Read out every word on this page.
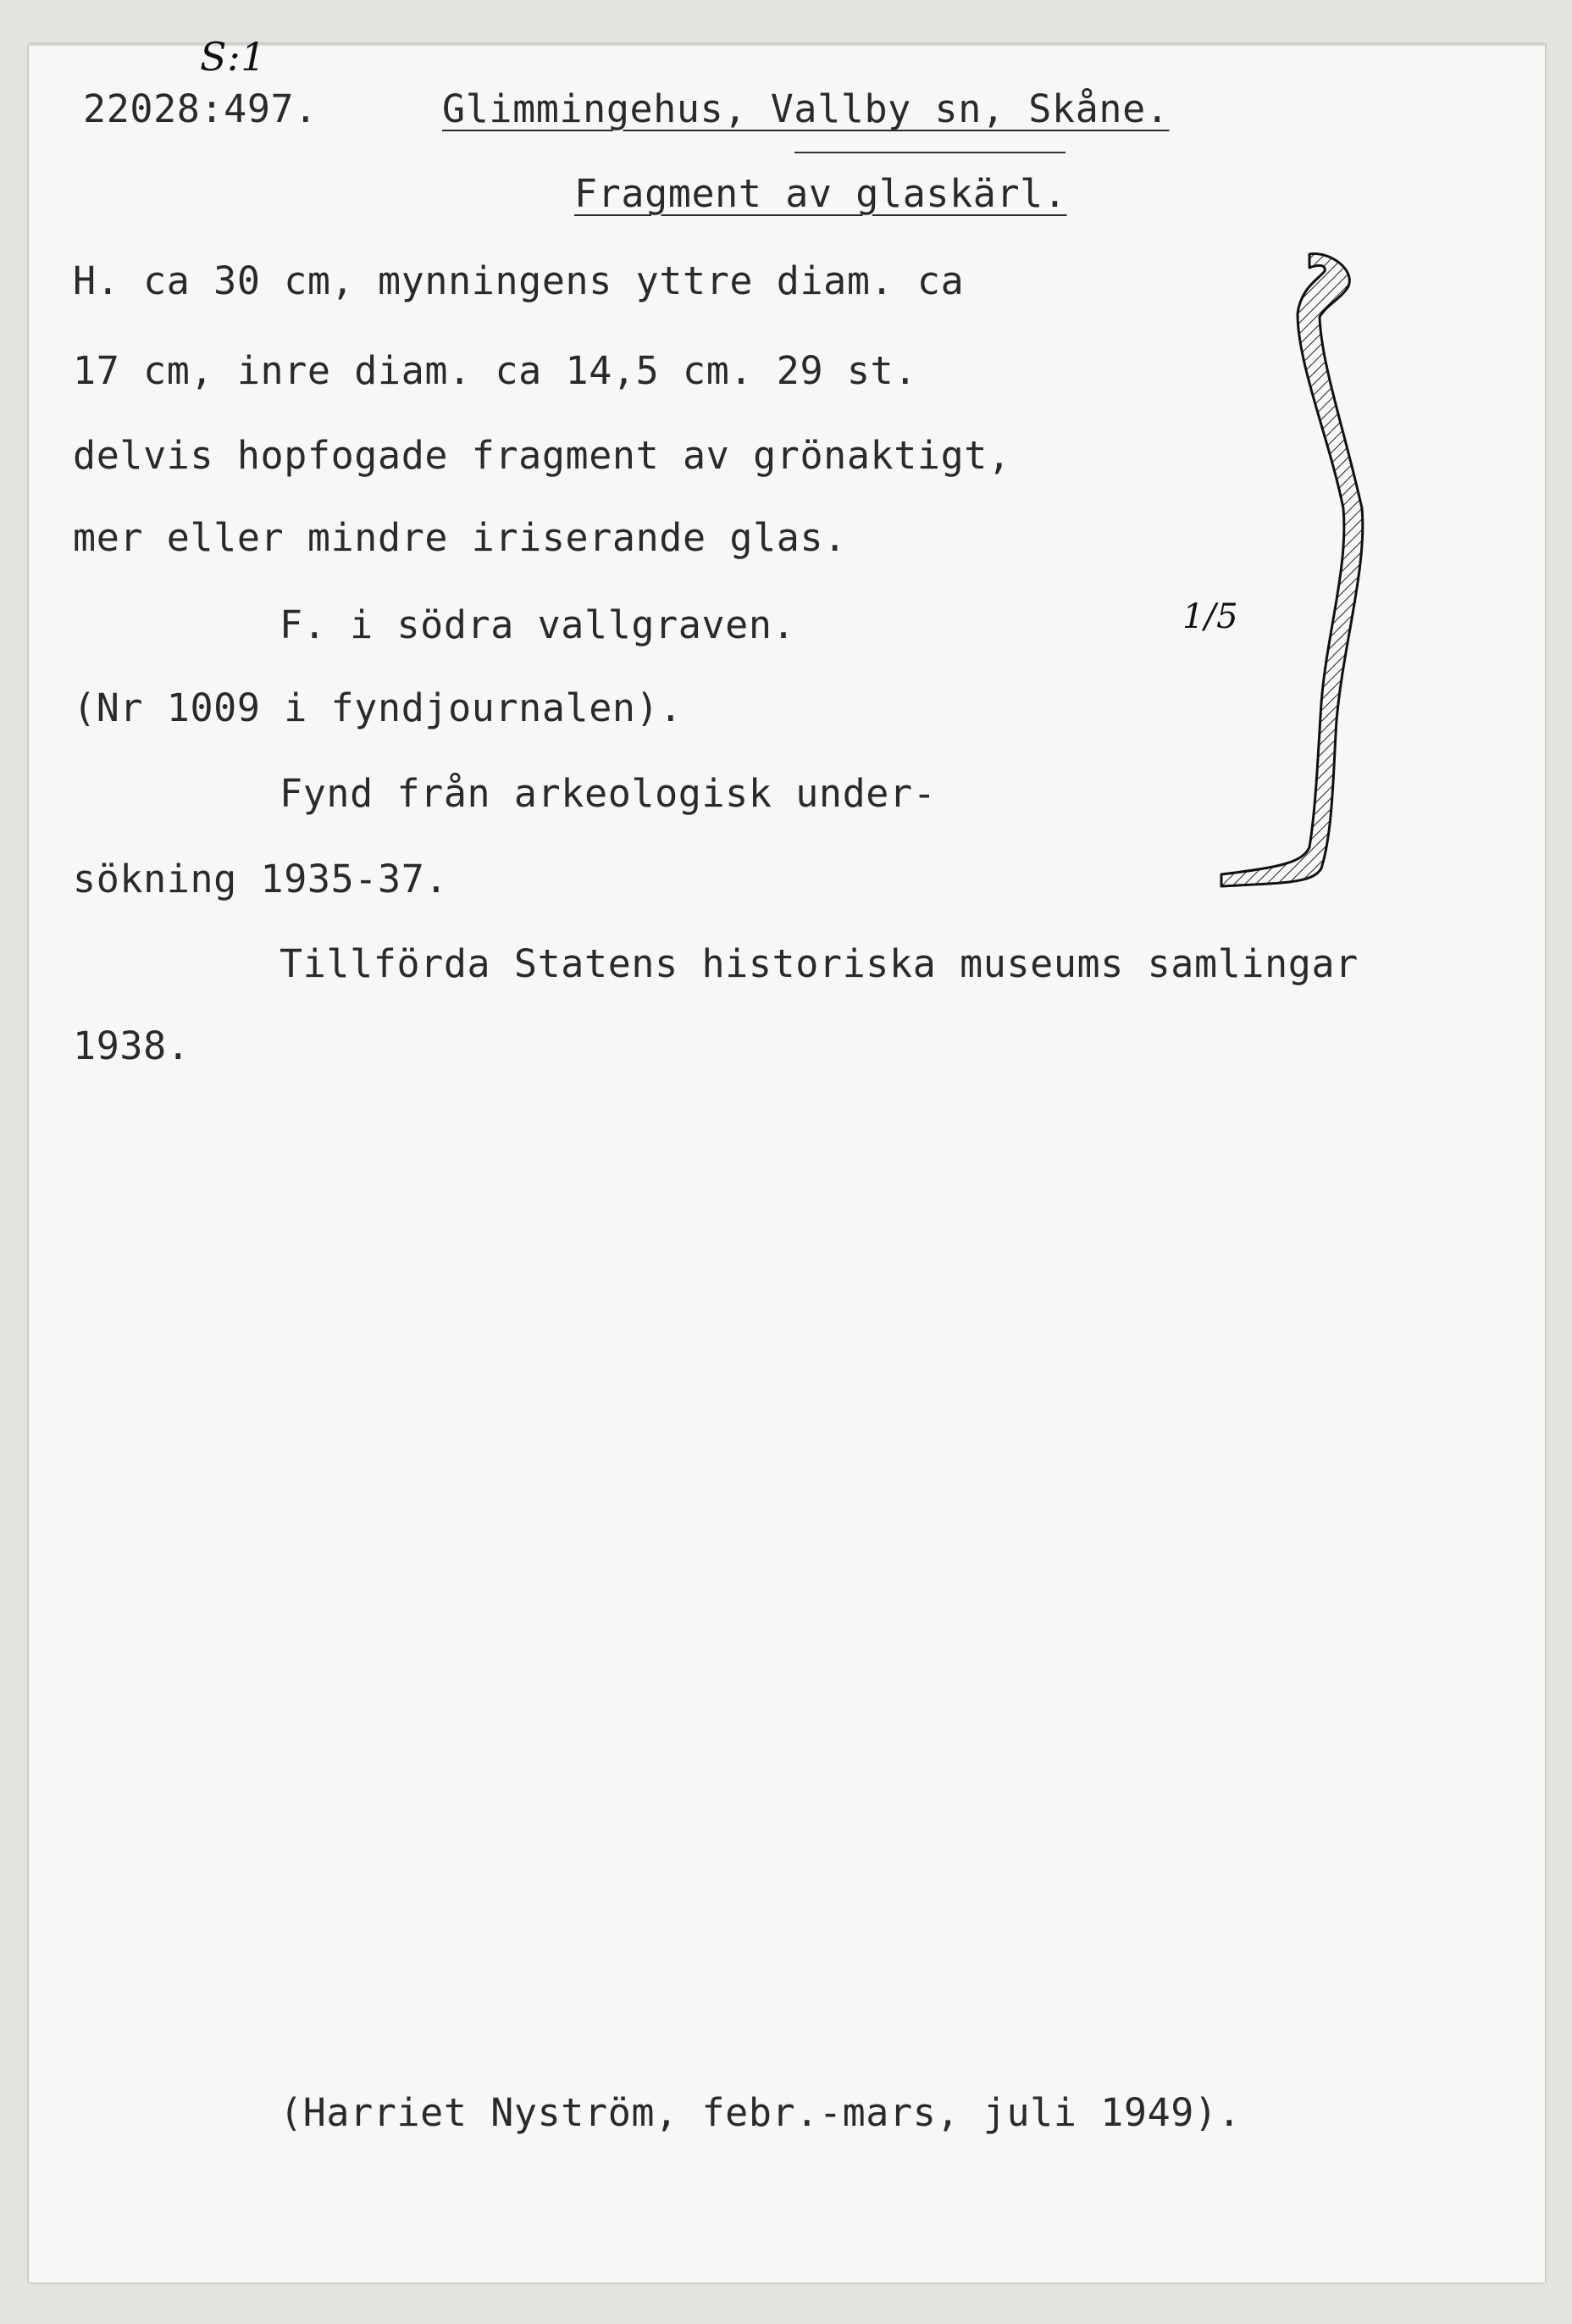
S:1
22028:497.	Glimmingehus, Vallby sn, Skåne.
Fragment av glaskärl.
H. ca 30 cm, mynningens yttre diam. ca
17 cm, inre diam. ca 14,5 cm. 29 st.
delvis hopfogade fragment av grönaktigt,
mer eller mindre iriserande glas.
F. i södra vallgraven.
(Nr 1009 i fyndjournalen).
Fynd från arkeologisk under-
sökning 1935-37.
Tillförda Statens historiska museums samlingar
1938.
1/5
(Harriet Nyström, febr.-mars, juli 1949).
